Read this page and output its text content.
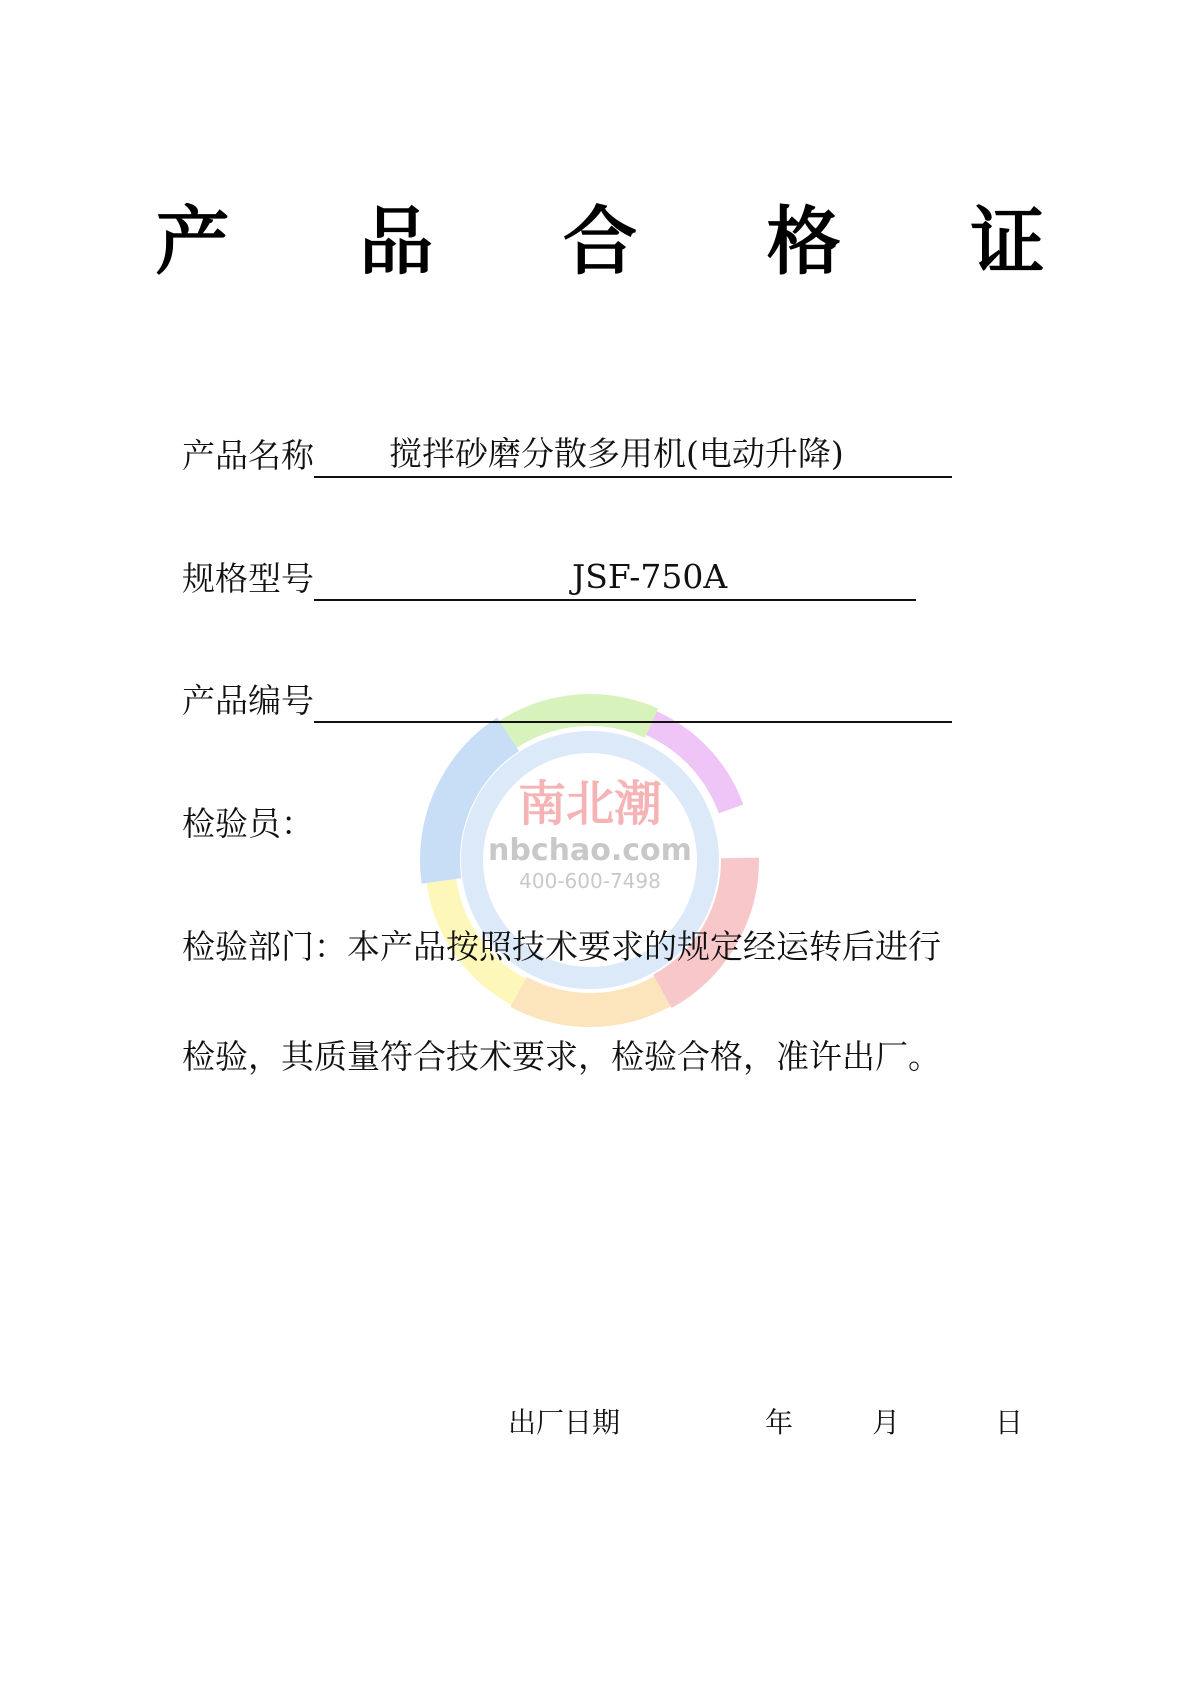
南北潮
nbchao.com
400-600-7498
产 品 合 格 证
产品名称 搅拌砂磨分散多用机(电动升降)
规格型号	JSF-750A
产品编号
检验员：
检验部门：本产品按照技术要求的规定经运转后进行
检验，其质量符合技术要求，检验合格，准许出厂。
出厂日期	年	月	日
